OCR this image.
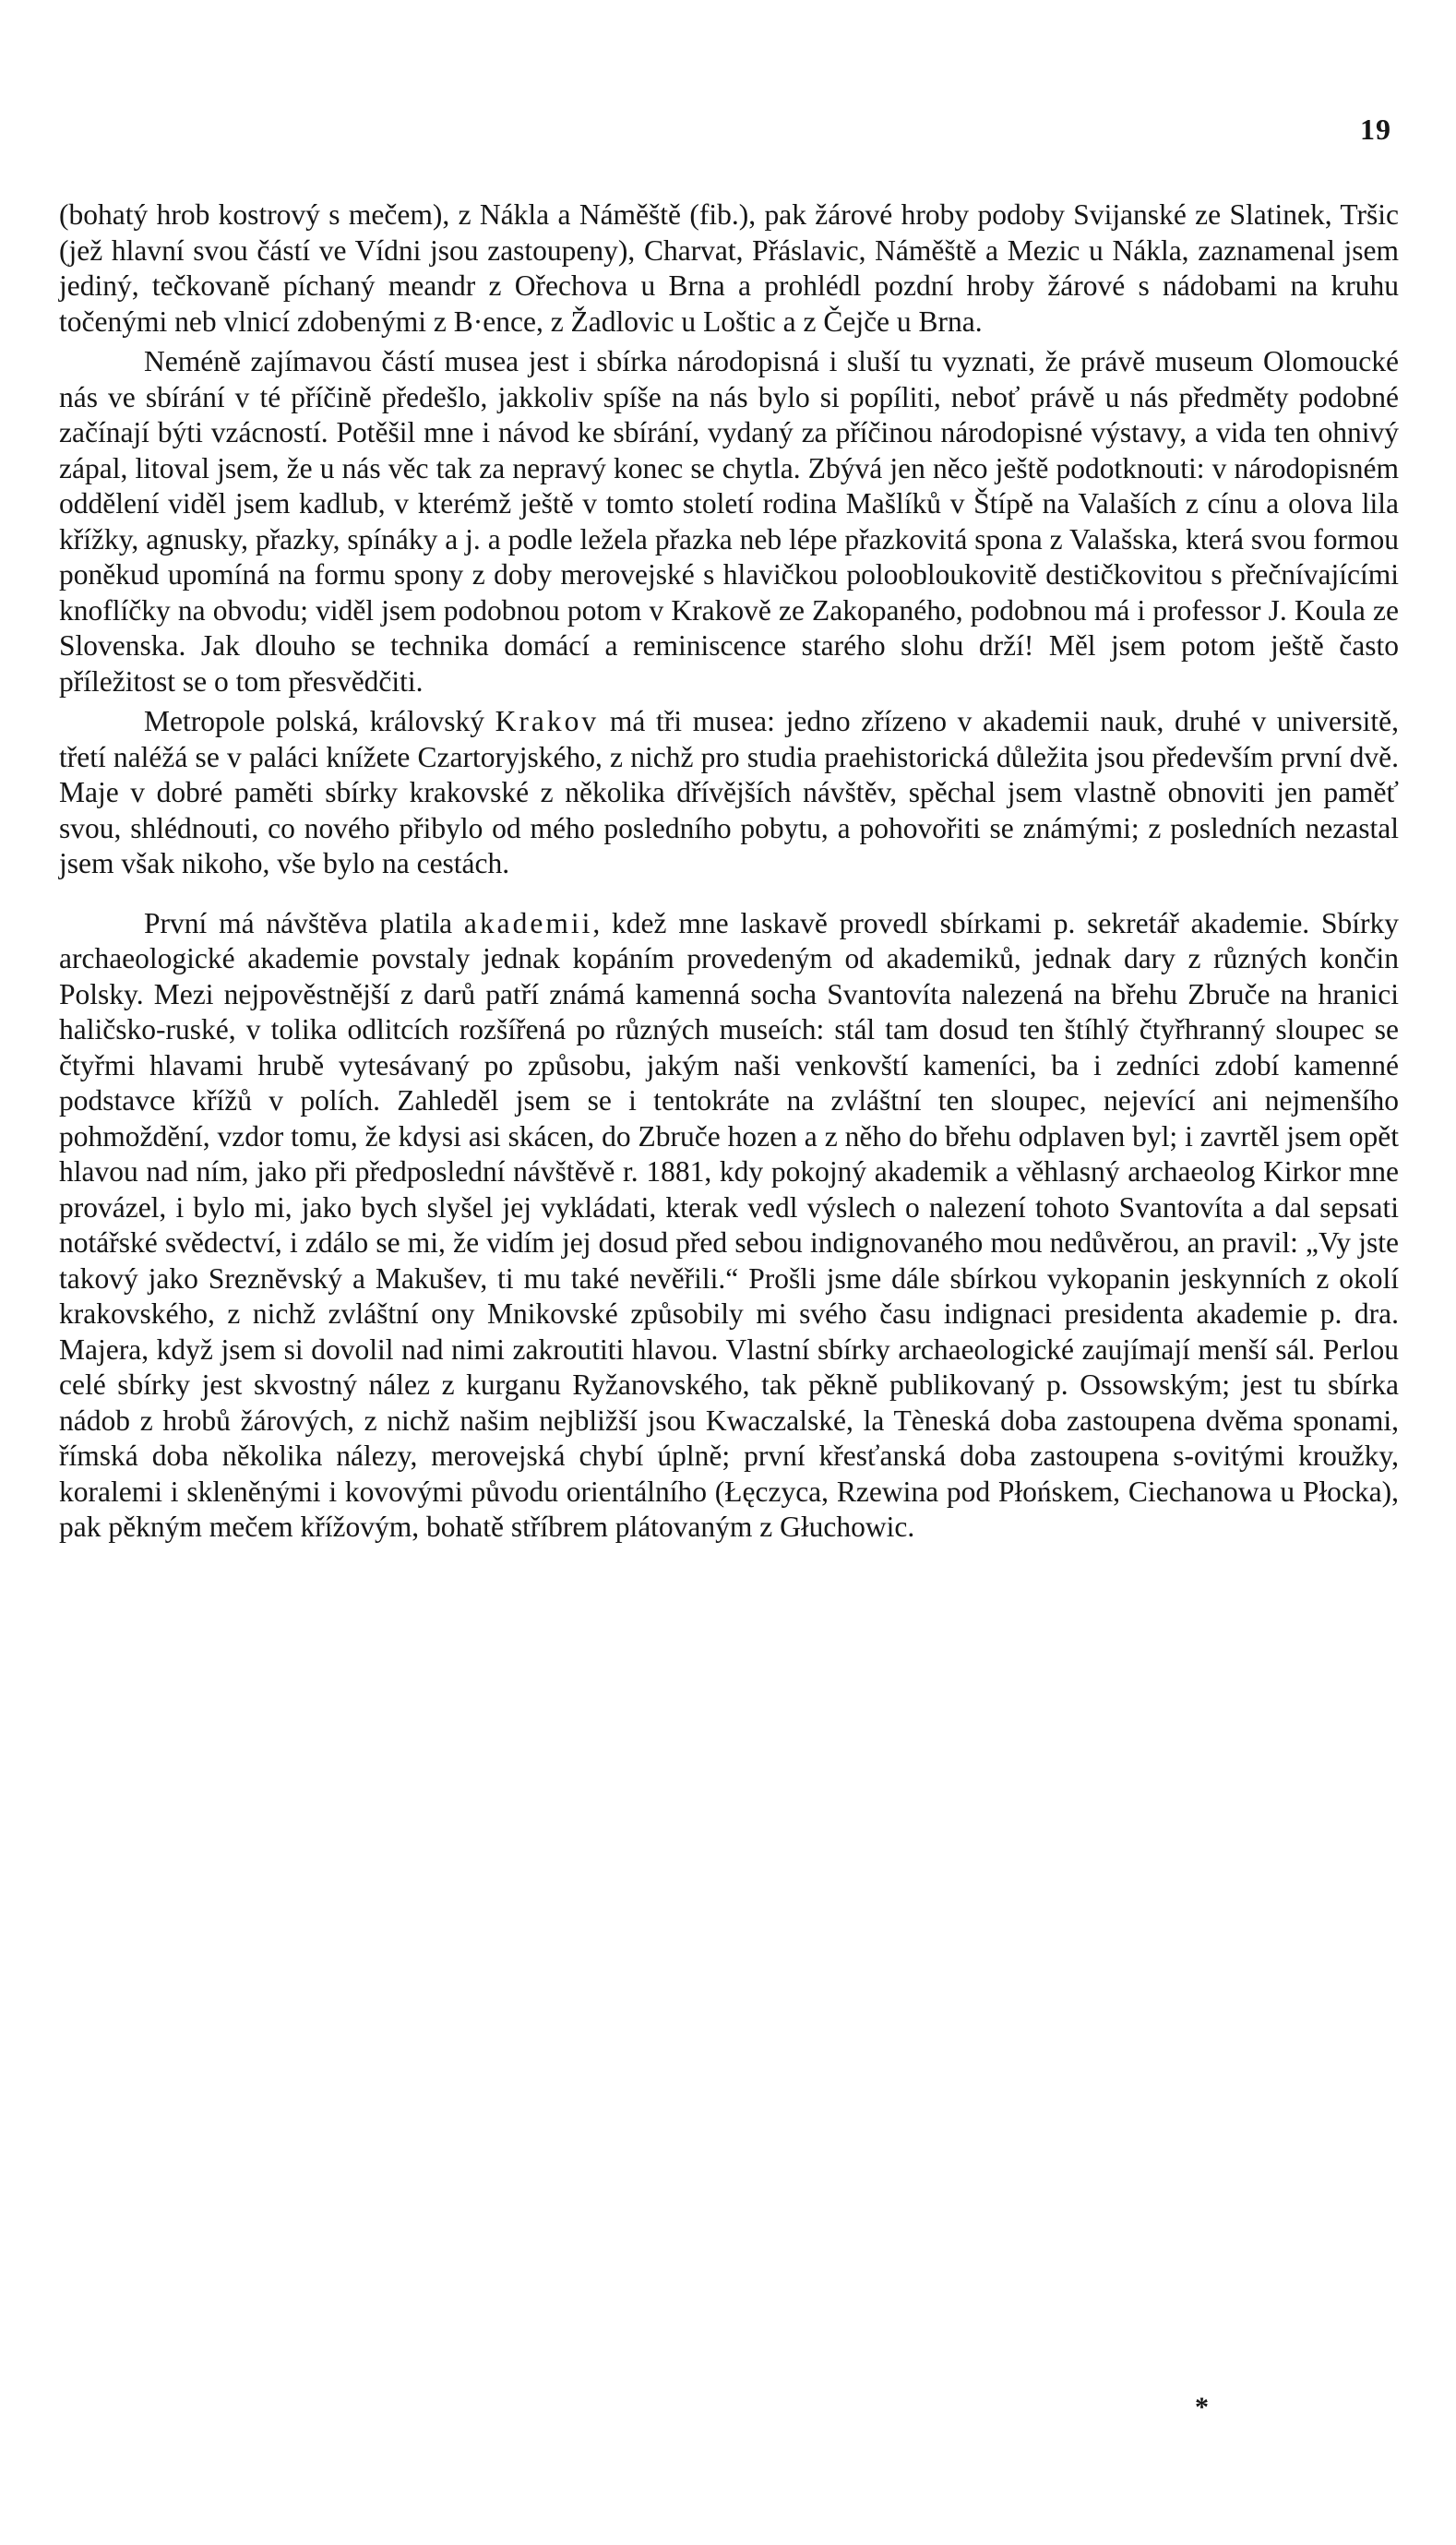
19

(bohatý hrob kostrový s mečem), z Nákla a Náměště (fib.), pak žárové hroby podoby Svijanské ze Slatinek, Tršic (jež hlavní svou částí ve Vídni jsou zastoupeny), Charvat, Přáslavic, Náměště a Mezic u Nákla, zaznamenal jsem jediný, tečkovaně píchaný meandr z Ořechova u Brna a prohlédl pozdní hroby žárové s nádobami na kruhu točenými neb vlnicí zdobenými z B·ence, z Žadlovic u Loštic a z Čejče u Brna.

Neméně zajímavou částí musea jest i sbírka národopisná i sluší tu vyznati, že právě museum Olomoucké nás ve sbírání v té příčině předešlo, jakkoliv spíše na nás bylo si popíliti, neboť právě u nás předměty podobné začínají býti vzácností. Potěšil mne i návod ke sbírání, vydaný za příčinou národopisné výstavy, a vida ten ohnivý zápal, litoval jsem, že u nás věc tak za nepravý konec se chytla. Zbývá jen něco ještě podotknouti: v národopisném oddělení viděl jsem kadlub, v kterémž ještě v tomto století rodina Mašlíků v Štípě na Valaších z cínu a olova lila křížky, agnusky, přazky, spínáky a j. a podle ležela přazka neb lépe přazkovitá spona z Valašska, která svou formou poněkud upomíná na formu spony z doby merovejské s hlavičkou poloobloukovitě destičkovitou s přečnívajícími knoflíčky na obvodu; viděl jsem podobnou potom v Krakově ze Zakopaného, podobnou má i professor J. Koula ze Slovenska. Jak dlouho se technika domácí a reminiscence starého slohu drží! Měl jsem potom ještě často příležitost se o tom přesvědčiti.

Metropole polská, královský Krakov má tři musea: jedno zřízeno v akademii nauk, druhé v universitě, třetí naléžá se v paláci knížete Czartoryjského, z nichž pro studia praehistorická důležita jsou především první dvě. Maje v dobré paměti sbírky krakovské z několika dřívějších návštěv, spěchal jsem vlastně obnoviti jen paměť svou, shlédnouti, co nového přibylo od mého posledního pobytu, a pohovořiti se známými; z posledních nezastal jsem však nikoho, vše bylo na cestách.

První má návštěva platila akademii, kdež mne laskavě provedl sbírkami p. sekretář akademie. Sbírky archaeologické akademie povstaly jednak kopáním provedeným od akademiků, jednak dary z různých končin Polsky. Mezi nejpověstnější z darů patří známá kamenná socha Svantovíta nalezená na břehu Zbruče na hranici haličsko-ruské, v tolika odlitcích rozšířená po různých museích: stál tam dosud ten štíhlý čtyřhranný sloupec se čtyřmi hlavami hrubě vytesávaný po způsobu, jakým naši venkovští kameníci, ba i zedníci zdobí kamenné podstavce křížů v polích. Zahleděl jsem se i tentokráte na zvláštní ten sloupec, nejevící ani nejmenšího pohmoždění, vzdor tomu, že kdysi asi skácen, do Zbruče hozen a z něho do břehu odplaven byl; i zavrtěl jsem opět hlavou nad ním, jako při předposlední návštěvě r. 1881, kdy pokojný akademik a věhlasný archaeolog Kirkor mne provázel, i bylo mi, jako bych slyšel jej vykládati, kterak vedl výslech o nalezení tohoto Svantovíta a dal sepsati notářské svědectví, i zdálo se mi, že vidím jej dosud před sebou indignovaného mou nedůvěrou, an pravil: „Vy jste takový jako Sreznĕvský a Makušev, ti mu také nevěřili.“ Prošli jsme dále sbírkou vykopanin jeskynních z okolí krakovského, z nichž zvláštní ony Mnikovské způsobily mi svého času indignaci presidenta akademie p. dra. Majera, když jsem si dovolil nad nimi zakroutiti hlavou. Vlastní sbírky archaeologické zaujímají menší sál. Perlou celé sbírky jest skvostný nález z kurganu Ryžanovského, tak pěkně publikovaný p. Ossowským; jest tu sbírka nádob z hrobů žárových, z nichž našim nejbližší jsou Kwaczalské, la Tèneská doba zastoupena dvěma sponami, římská doba několika nálezy, merovejská chybí úplně; první křesťanská doba zastoupena s-ovitými kroužky, koralemi i skleněnými i kovovými původu orientálního (Łęczyca, Rzewina pod Płońskem, Ciechanowa u Płocka), pak pěkným mečem křížovým, bohatě stříbrem plátovaným z Głuchowic.

*
